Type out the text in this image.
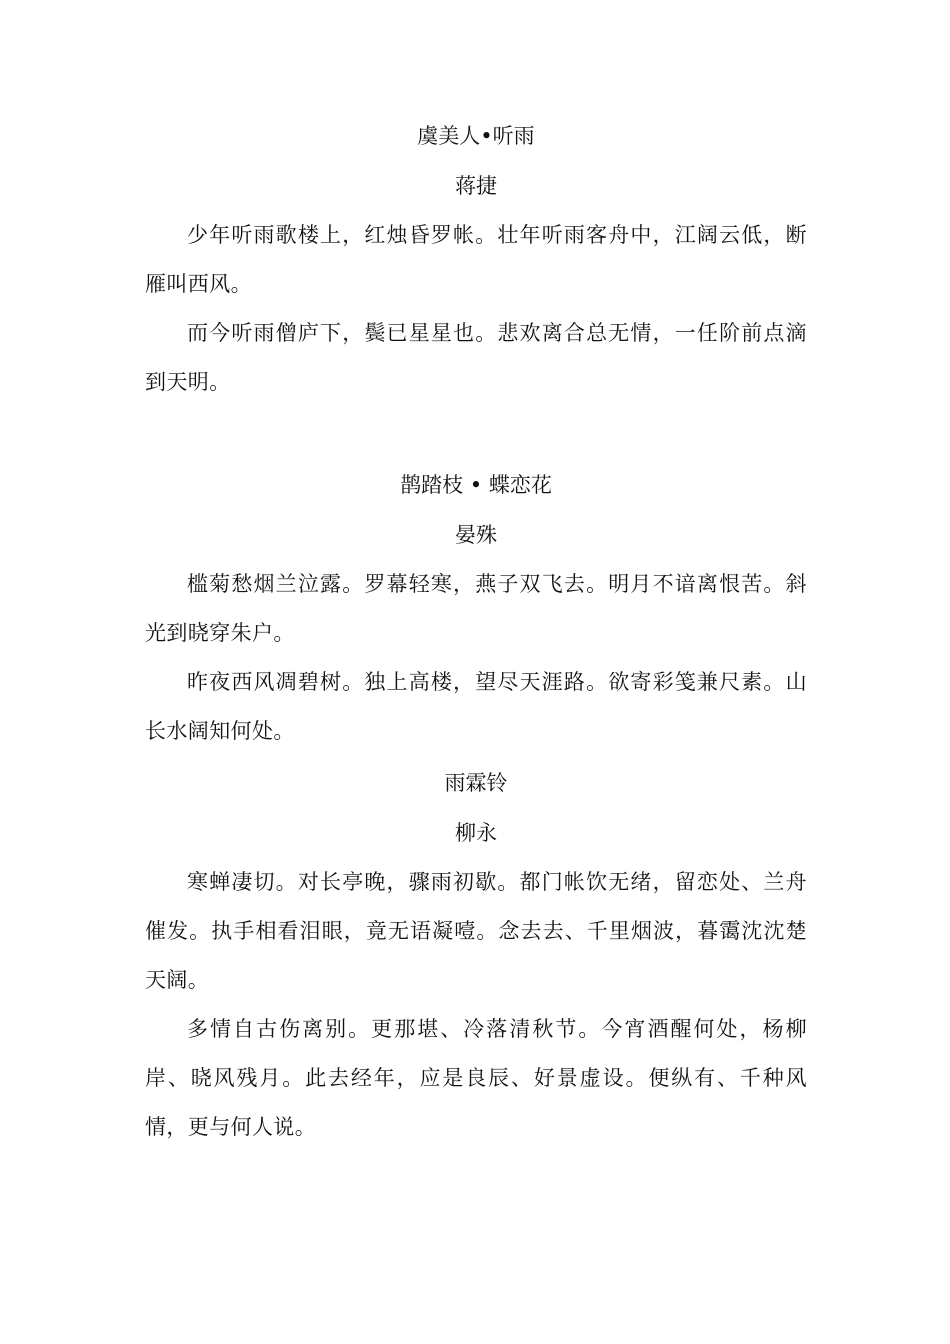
虞美人•听雨
蒋捷

少年听雨歌楼上，红烛昏罗帐。壮年听雨客舟中，江阔云低，断雁叫西风。

而今听雨僧庐下，鬓已星星也。悲欢离合总无情，一任阶前点滴到天明。

鹊踏枝 • 蝶恋花
晏殊

槛菊愁烟兰泣露。罗幕轻寒，燕子双飞去。明月不谙离恨苦。斜光到晓穿朱户。

昨夜西风凋碧树。独上高楼，望尽天涯路。欲寄彩笺兼尺素。山长水阔知何处。

雨霖铃
柳永

寒蝉凄切。对长亭晚，骤雨初歇。都门帐饮无绪，留恋处、兰舟催发。执手相看泪眼，竟无语凝噎。念去去、千里烟波，暮霭沈沈楚天阔。

多情自古伤离别。更那堪、冷落清秋节。今宵酒醒何处，杨柳岸、晓风残月。此去经年，应是良辰、好景虚设。便纵有、千种风情，更与何人说。
